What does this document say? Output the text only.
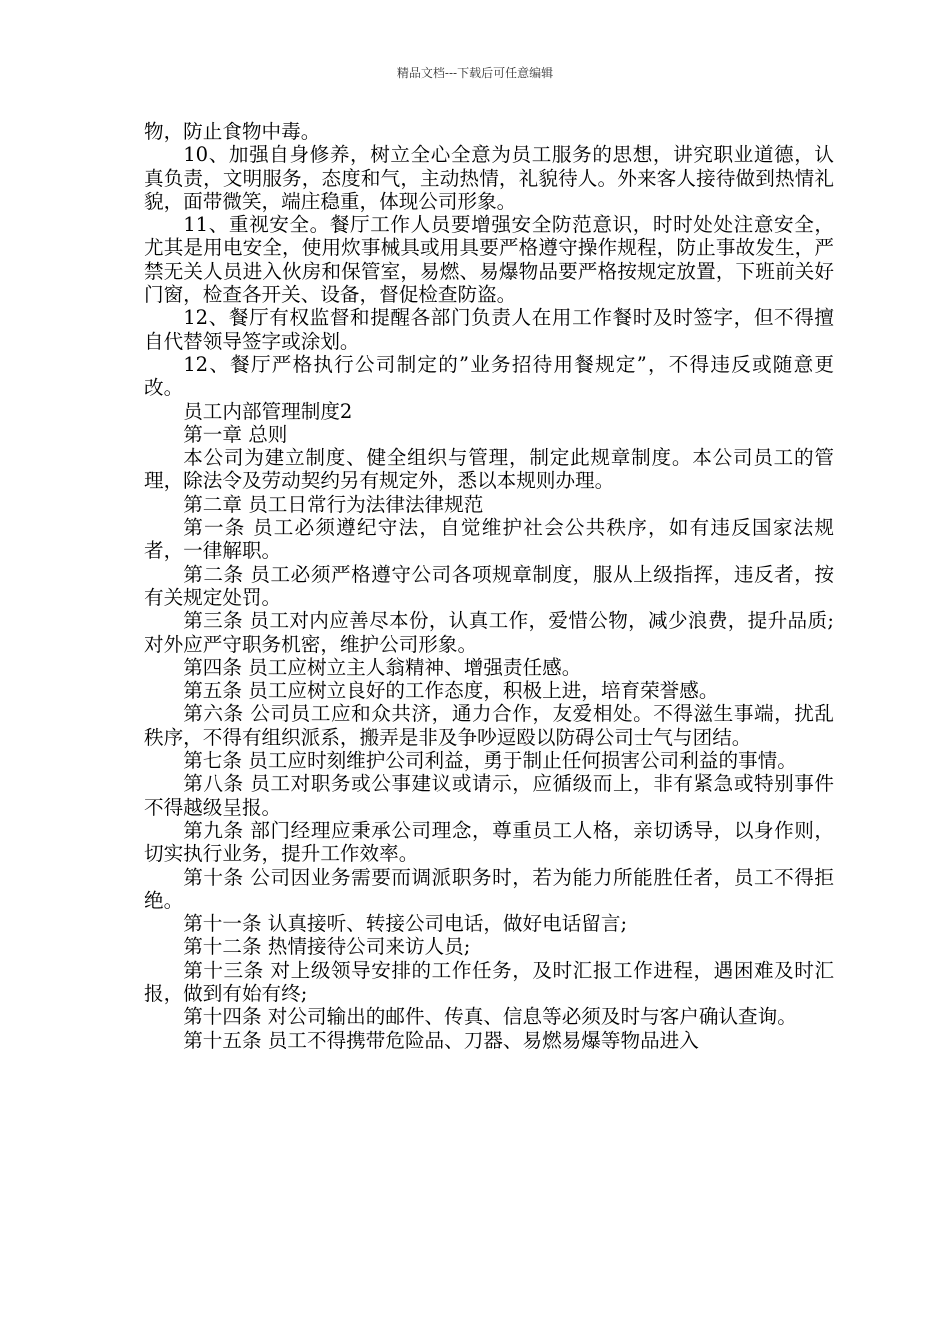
精品文档---下载后可任意编辑

物，防止食物中毒。

10、加强自身修养，树立全心全意为员工服务的思想，讲究职业道德，认真负责，文明服务，态度和气，主动热情，礼貌待人。外来客人接待做到热情礼貌，面带微笑，端庄稳重，体现公司形象。

11、重视安全。餐厅工作人员要增强安全防范意识，时时处处注意安全，尤其是用电安全，使用炊事械具或用具要严格遵守操作规程，防止事故发生，严禁无关人员进入伙房和保管室，易燃、易爆物品要严格按规定放置，下班前关好门窗，检查各开关、设备，督促检查防盗。

12、餐厅有权监督和提醒各部门负责人在用工作餐时及时签字，但不得擅自代替领导签字或涂划。

12、餐厅严格执行公司制定的”业务招待用餐规定”，不得违反或随意更改。

员工内部管理制度2

第一章 总则

本公司为建立制度、健全组织与管理，制定此规章制度。本公司员工的管理，除法令及劳动契约另有规定外，悉以本规则办理。

第二章 员工日常行为法律法律规范

第一条 员工必须遵纪守法，自觉维护社会公共秩序，如有违反国家法规者，一律解职。

第二条 员工必须严格遵守公司各项规章制度，服从上级指挥，违反者，按有关规定处罚。

第三条 员工对内应善尽本份，认真工作，爱惜公物，减少浪费，提升品质;对外应严守职务机密，维护公司形象。

第四条 员工应树立主人翁精神、增强责任感。

第五条 员工应树立良好的工作态度，积极上进，培育荣誉感。

第六条 公司员工应和众共济，通力合作，友爱相处。不得滋生事端，扰乱秩序，不得有组织派系，搬弄是非及争吵逗殴以防碍公司士气与团结。

第七条 员工应时刻维护公司利益，勇于制止任何损害公司利益的事情。

第八条 员工对职务或公事建议或请示，应循级而上，非有紧急或特别事件不得越级呈报。

第九条 部门经理应秉承公司理念，尊重员工人格，亲切诱导，以身作则，切实执行业务，提升工作效率。

第十条 公司因业务需要而调派职务时，若为能力所能胜任者，员工不得拒绝。

第十一条 认真接听、转接公司电话，做好电话留言;

第十二条 热情接待公司来访人员;

第十三条 对上级领导安排的工作任务，及时汇报工作进程，遇困难及时汇报，做到有始有终;

第十四条 对公司输出的邮件、传真、信息等必须及时与客户确认查询。

第十五条 员工不得携带危险品、刀器、易燃易爆等物品进入
